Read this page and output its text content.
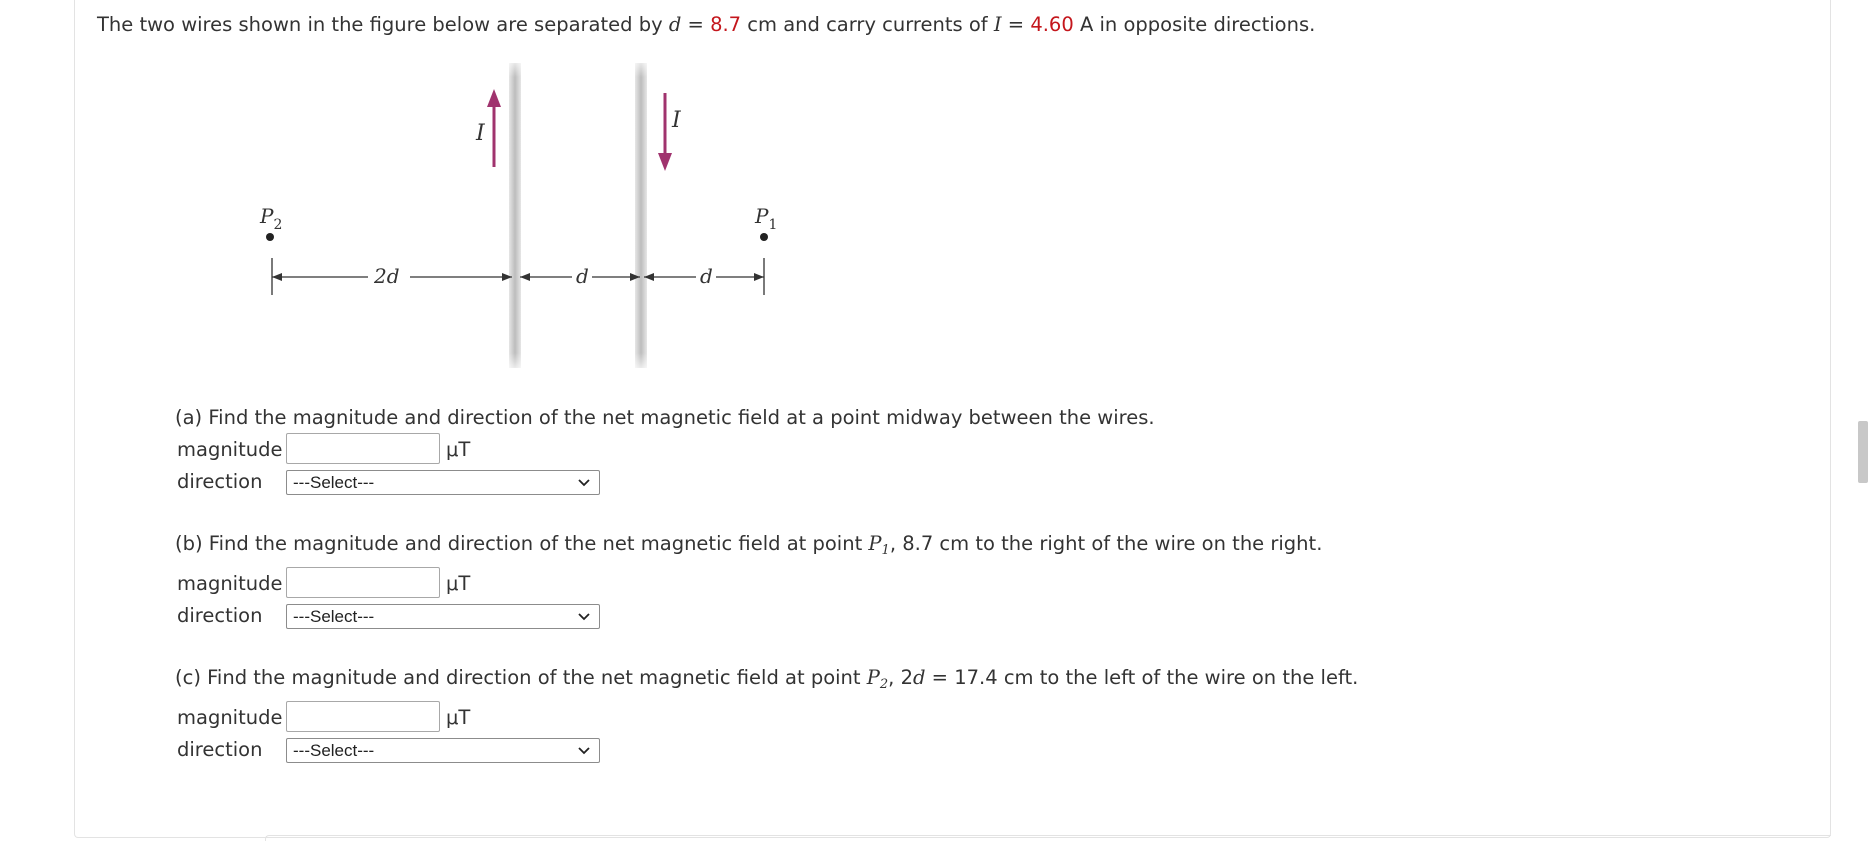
The two wires shown in the figure below are separated by d = 8.7 cm and carry currents of I = 4.60 A in opposite directions.
I
I
$P_2$	$P_1$
2d	d	d
(a) Find the magnitude and direction of the net magnetic field at a point midway between the wires.
magnitude	μT
direction	---Select---
(b) Find the magnitude and direction of the net magnetic field at point $P_1$, 8.7 cm to the right of the wire on the right.
magnitude	μT
direction	---Select---
(c) Find the magnitude and direction of the net magnetic field at point $P_2$, 2d = 17.4 cm to the left of the wire on the left.
magnitude	μT
direction	---Select---
